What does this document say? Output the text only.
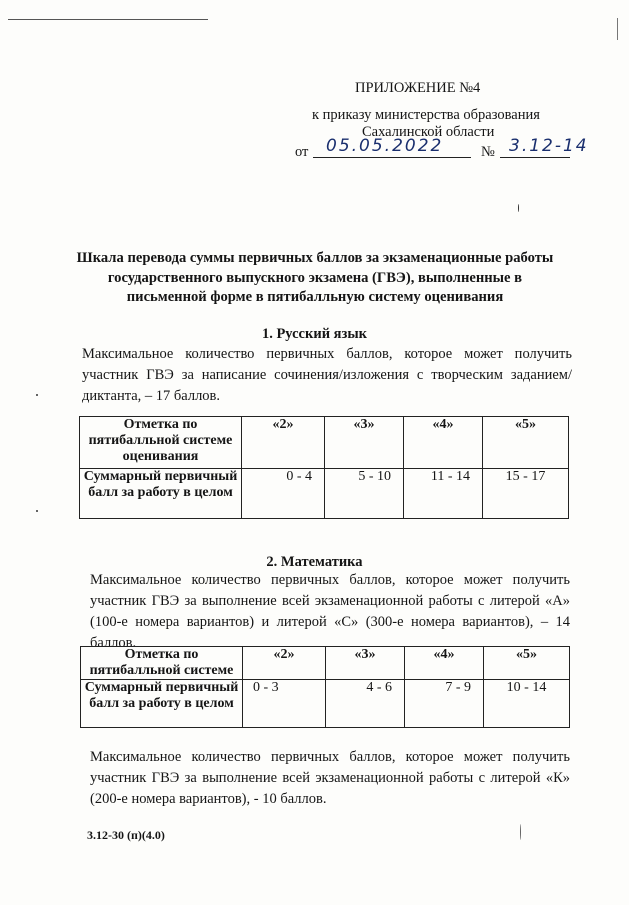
ПРИЛОЖЕНИЕ №4
к приказу министерства образования
Сахалинской области
от 05.05.2022	№ 3.12-14
Шкала перевода суммы первичных баллов за экзаменационные работы государственного выпускного экзамена (ГВЭ), выполненные в письменной форме в пятибалльную систему оценивания
1. Русский язык
Максимальное количество первичных баллов, которое может получить участник ГВЭ за написание сочинения/изложения с творческим заданием/диктанта, – 17 баллов.
Отметка по пятибалльной системе оценивания	«2»	«3»	«4»	«5»
Суммарный первичный балл за работу в целом	0 - 4	5 - 10	11 - 14	15 - 17
2. Математика
Максимальное количество первичных баллов, которое может получить участник ГВЭ за выполнение всей экзаменационной работы с литерой «А» (100-е номера вариантов) и литерой «С» (300-е номера вариантов), – 14 баллов.
Отметка по пятибалльной системе	«2»	«3»	«4»	«5»
Суммарный первичный балл за работу в целом	0 - 3	4 - 6	7 - 9	10 - 14
Максимальное количество первичных баллов, которое может получить участник ГВЭ за выполнение всей экзаменационной работы с литерой «К» (200-е номера вариантов), - 10 баллов.
3.12-30 (п)(4.0)
